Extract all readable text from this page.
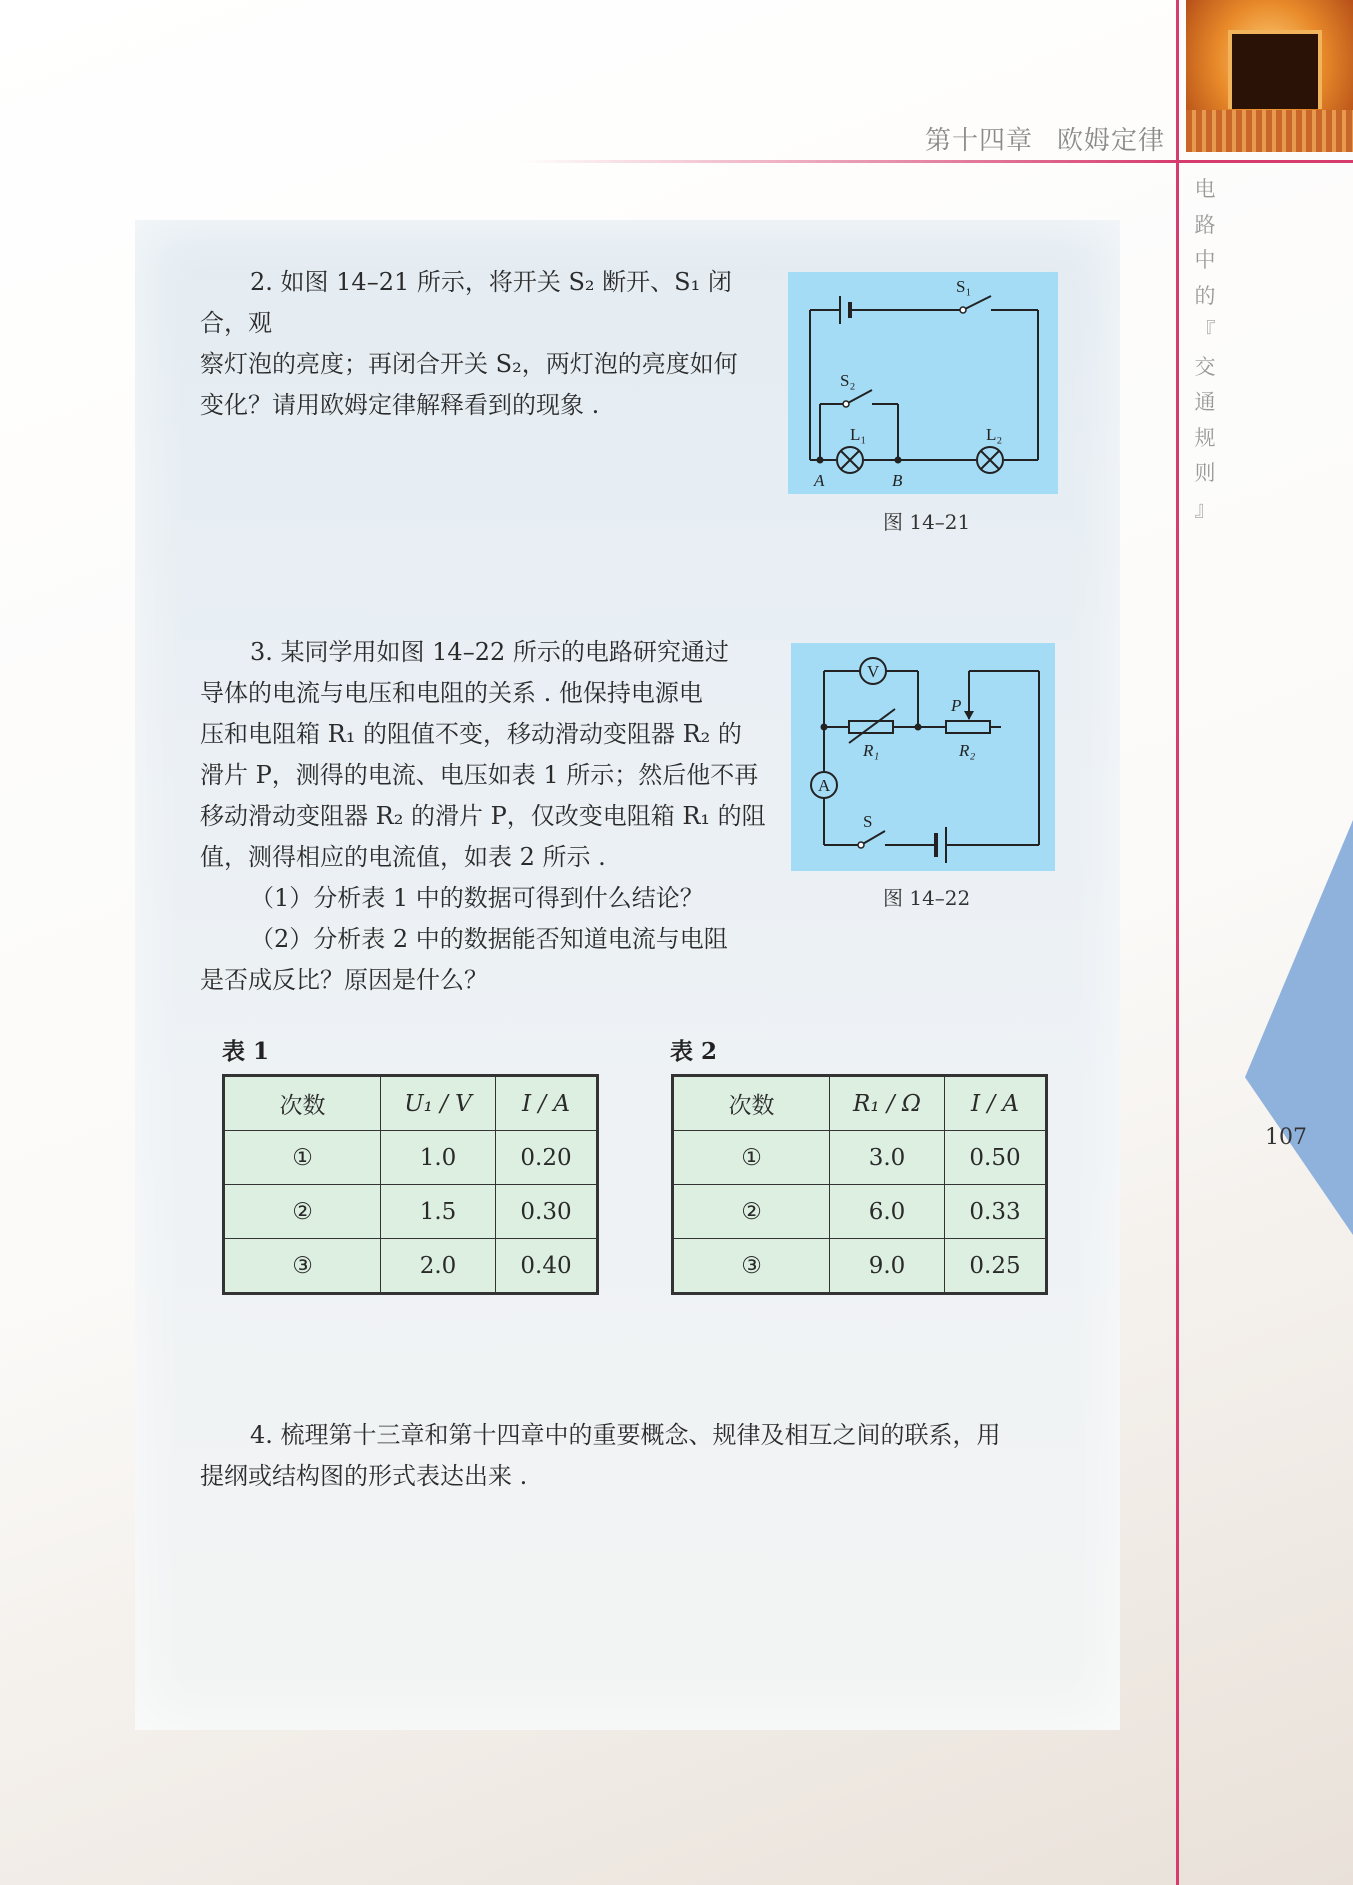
第十四章 欧姆定律
电
路
中
的
『
交
通
规
则
』
107
2. 如图 14–21 所示，将开关 S₂ 断开、S₁ 闭合，观
察灯泡的亮度；再闭合开关 S₂，两灯泡的亮度如何
变化？请用欧姆定律解释看到的现象 .
S₁
S₂
L₁	L₂
A	B
图 14–21
3. 某同学用如图 14–22 所示的电路研究通过
导体的电流与电压和电阻的关系 . 他保持电源电
压和电阻箱 R₁ 的阻值不变，移动滑动变阻器 R₂ 的
滑片 P，测得的电流、电压如表 1 所示；然后他不再
移动滑动变阻器 R₂ 的滑片 P，仅改变电阻箱 R₁ 的阻
值，测得相应的电流值，如表 2 所示 .
（1）分析表 1 中的数据可得到什么结论？
（2）分析表 2 中的数据能否知道电流与电阻
是否成反比？原因是什么？
V
A
R₁	R₂
P
S
图 14–22
表 1
次数	U₁ / V	I / A
①	1.0	0.20
②	1.5	0.30
③	2.0	0.40
表 2
次数	R₁ / Ω	I / A
①	3.0	0.50
②	6.0	0.33
③	9.0	0.25
4. 梳理第十三章和第十四章中的重要概念、规律及相互之间的联系，用
提纲或结构图的形式表达出来 .
